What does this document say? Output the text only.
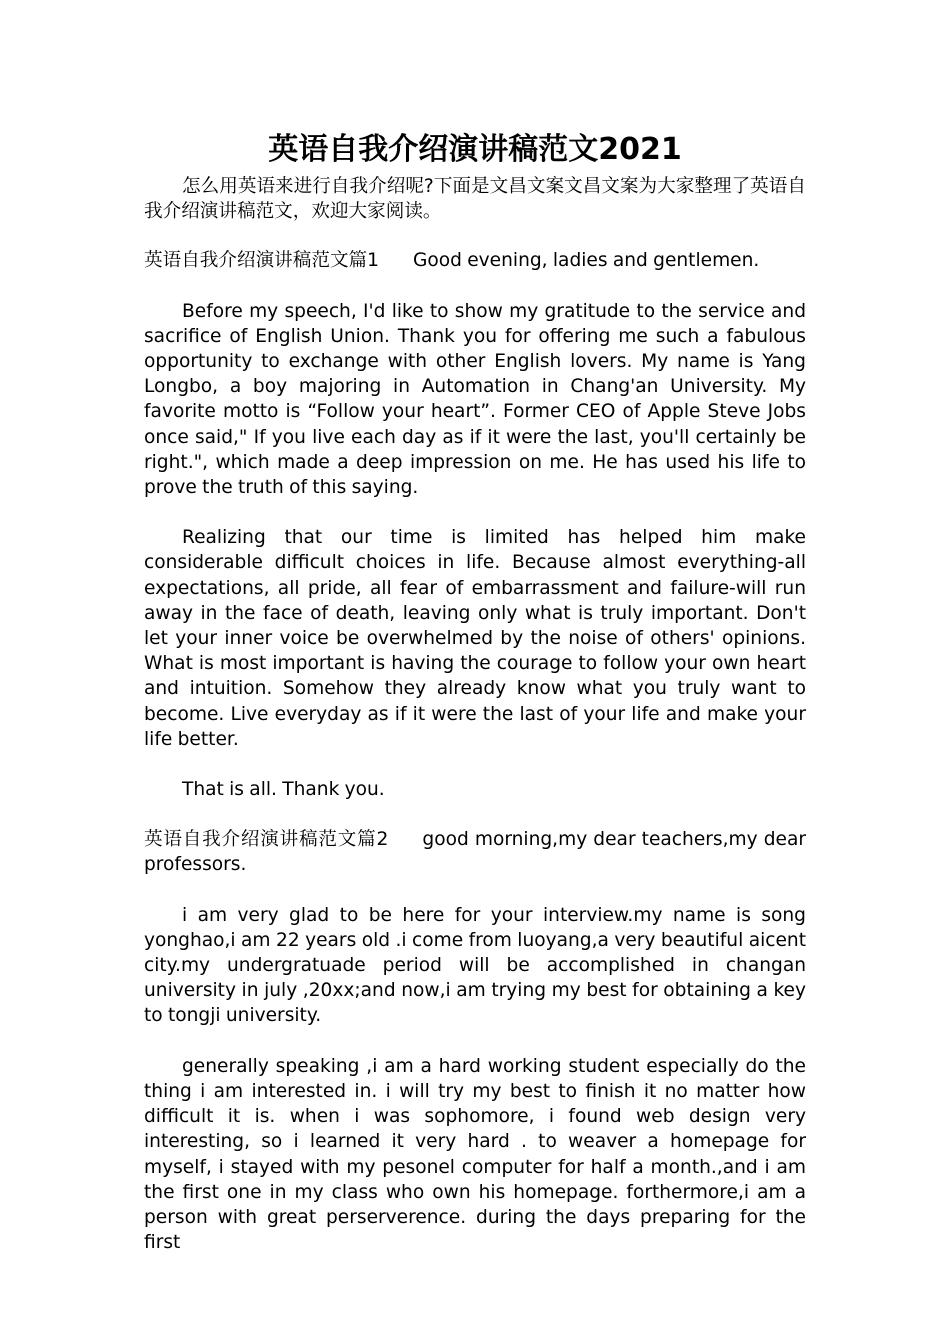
英语自我介绍演讲稿范文2021

怎么用英语来进行自我介绍呢?下面是文昌文案文昌文案为大家整理了英语自我介绍演讲稿范文，欢迎大家阅读。

英语自我介绍演讲稿范文篇1 Good evening, ladies and gentlemen.

Before my speech, I'd like to show my gratitude to the service and sacrifice of English Union. Thank you for offering me such a fabulous opportunity to exchange with other English lovers. My name is Yang Longbo, a boy majoring in Automation in Chang'an University. My favorite motto is “Follow your heart”. Former CEO of Apple Steve Jobs once said," If you live each day as if it were the last, you'll certainly be right.", which made a deep impression on me. He has used his life to prove the truth of this saying.

Realizing that our time is limited has helped him make considerable difficult choices in life. Because almost everything-all expectations, all pride, all fear of embarrassment and failure-will run away in the face of death, leaving only what is truly important. Don't let your inner voice be overwhelmed by the noise of others' opinions. What is most important is having the courage to follow your own heart and intuition. Somehow they already know what you truly want to become. Live everyday as if it were the last of your life and make your life better.

That is all. Thank you.

英语自我介绍演讲稿范文篇2 good morning,my dear teachers,my dear professors.

i am very glad to be here for your interview.my name is song yonghao,i am 22 years old .i come from luoyang,a very beautiful aicent city.my undergratuade period will be accomplished in changan university in july ,20xx;and now,i am trying my best for obtaining a key to tongji university.

generally speaking ,i am a hard working student especially do the thing i am interested in. i will try my best to finish it no matter how difficult it is. when i was sophomore, i found web design very interesting, so i learned it very hard . to weaver a homepage for myself, i stayed with my pesonel computer for half a month.,and i am the first one in my class who own his homepage. forthermore,i am a person with great perserverence. during the days preparing for the first
